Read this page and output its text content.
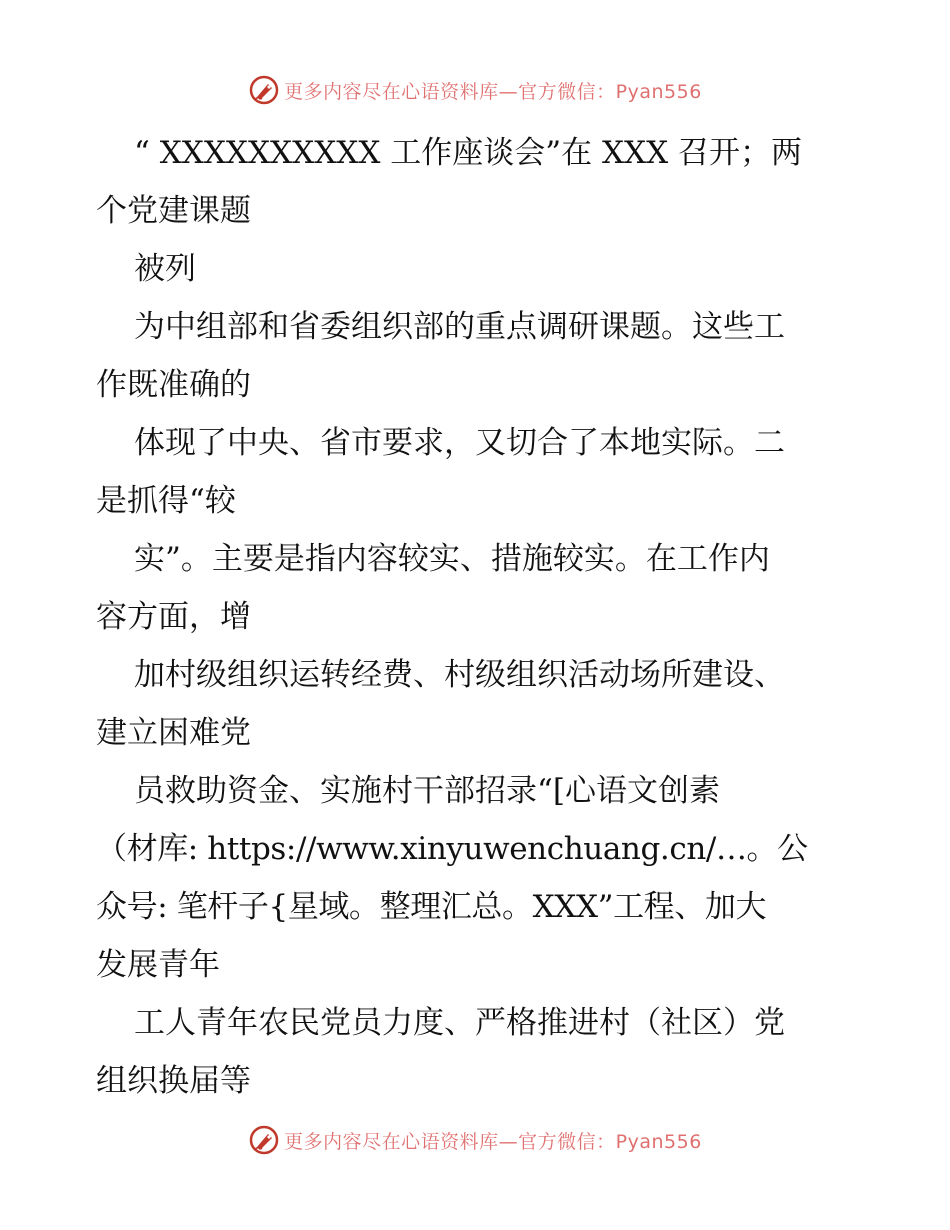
更多内容尽在心语资料库—官方微信：Pyan556

“ XXXXXXXXXX 工作座谈会”在 XXX 召开；两

个党建课题

被列

为中组部和省委组织部的重点调研课题。这些工

作既准确的

体现了中央、省市要求，又切合了本地实际。二

是抓得“较

实”。主要是指内容较实、措施较实。在工作内

容方面，增

加村级组织运转经费、村级组织活动场所建设、

建立困难党

员救助资金、实施村干部招录“[心语文创素

（材库: https://www.xinyuwenchuang.cn/…。公

众号: 笔杆子{星域。整理汇总。XXX”工程、加大

发展青年

工人青年农民党员力度、严格推进村（社区）党

组织换届等

更多内容尽在心语资料库—官方微信：Pyan556
